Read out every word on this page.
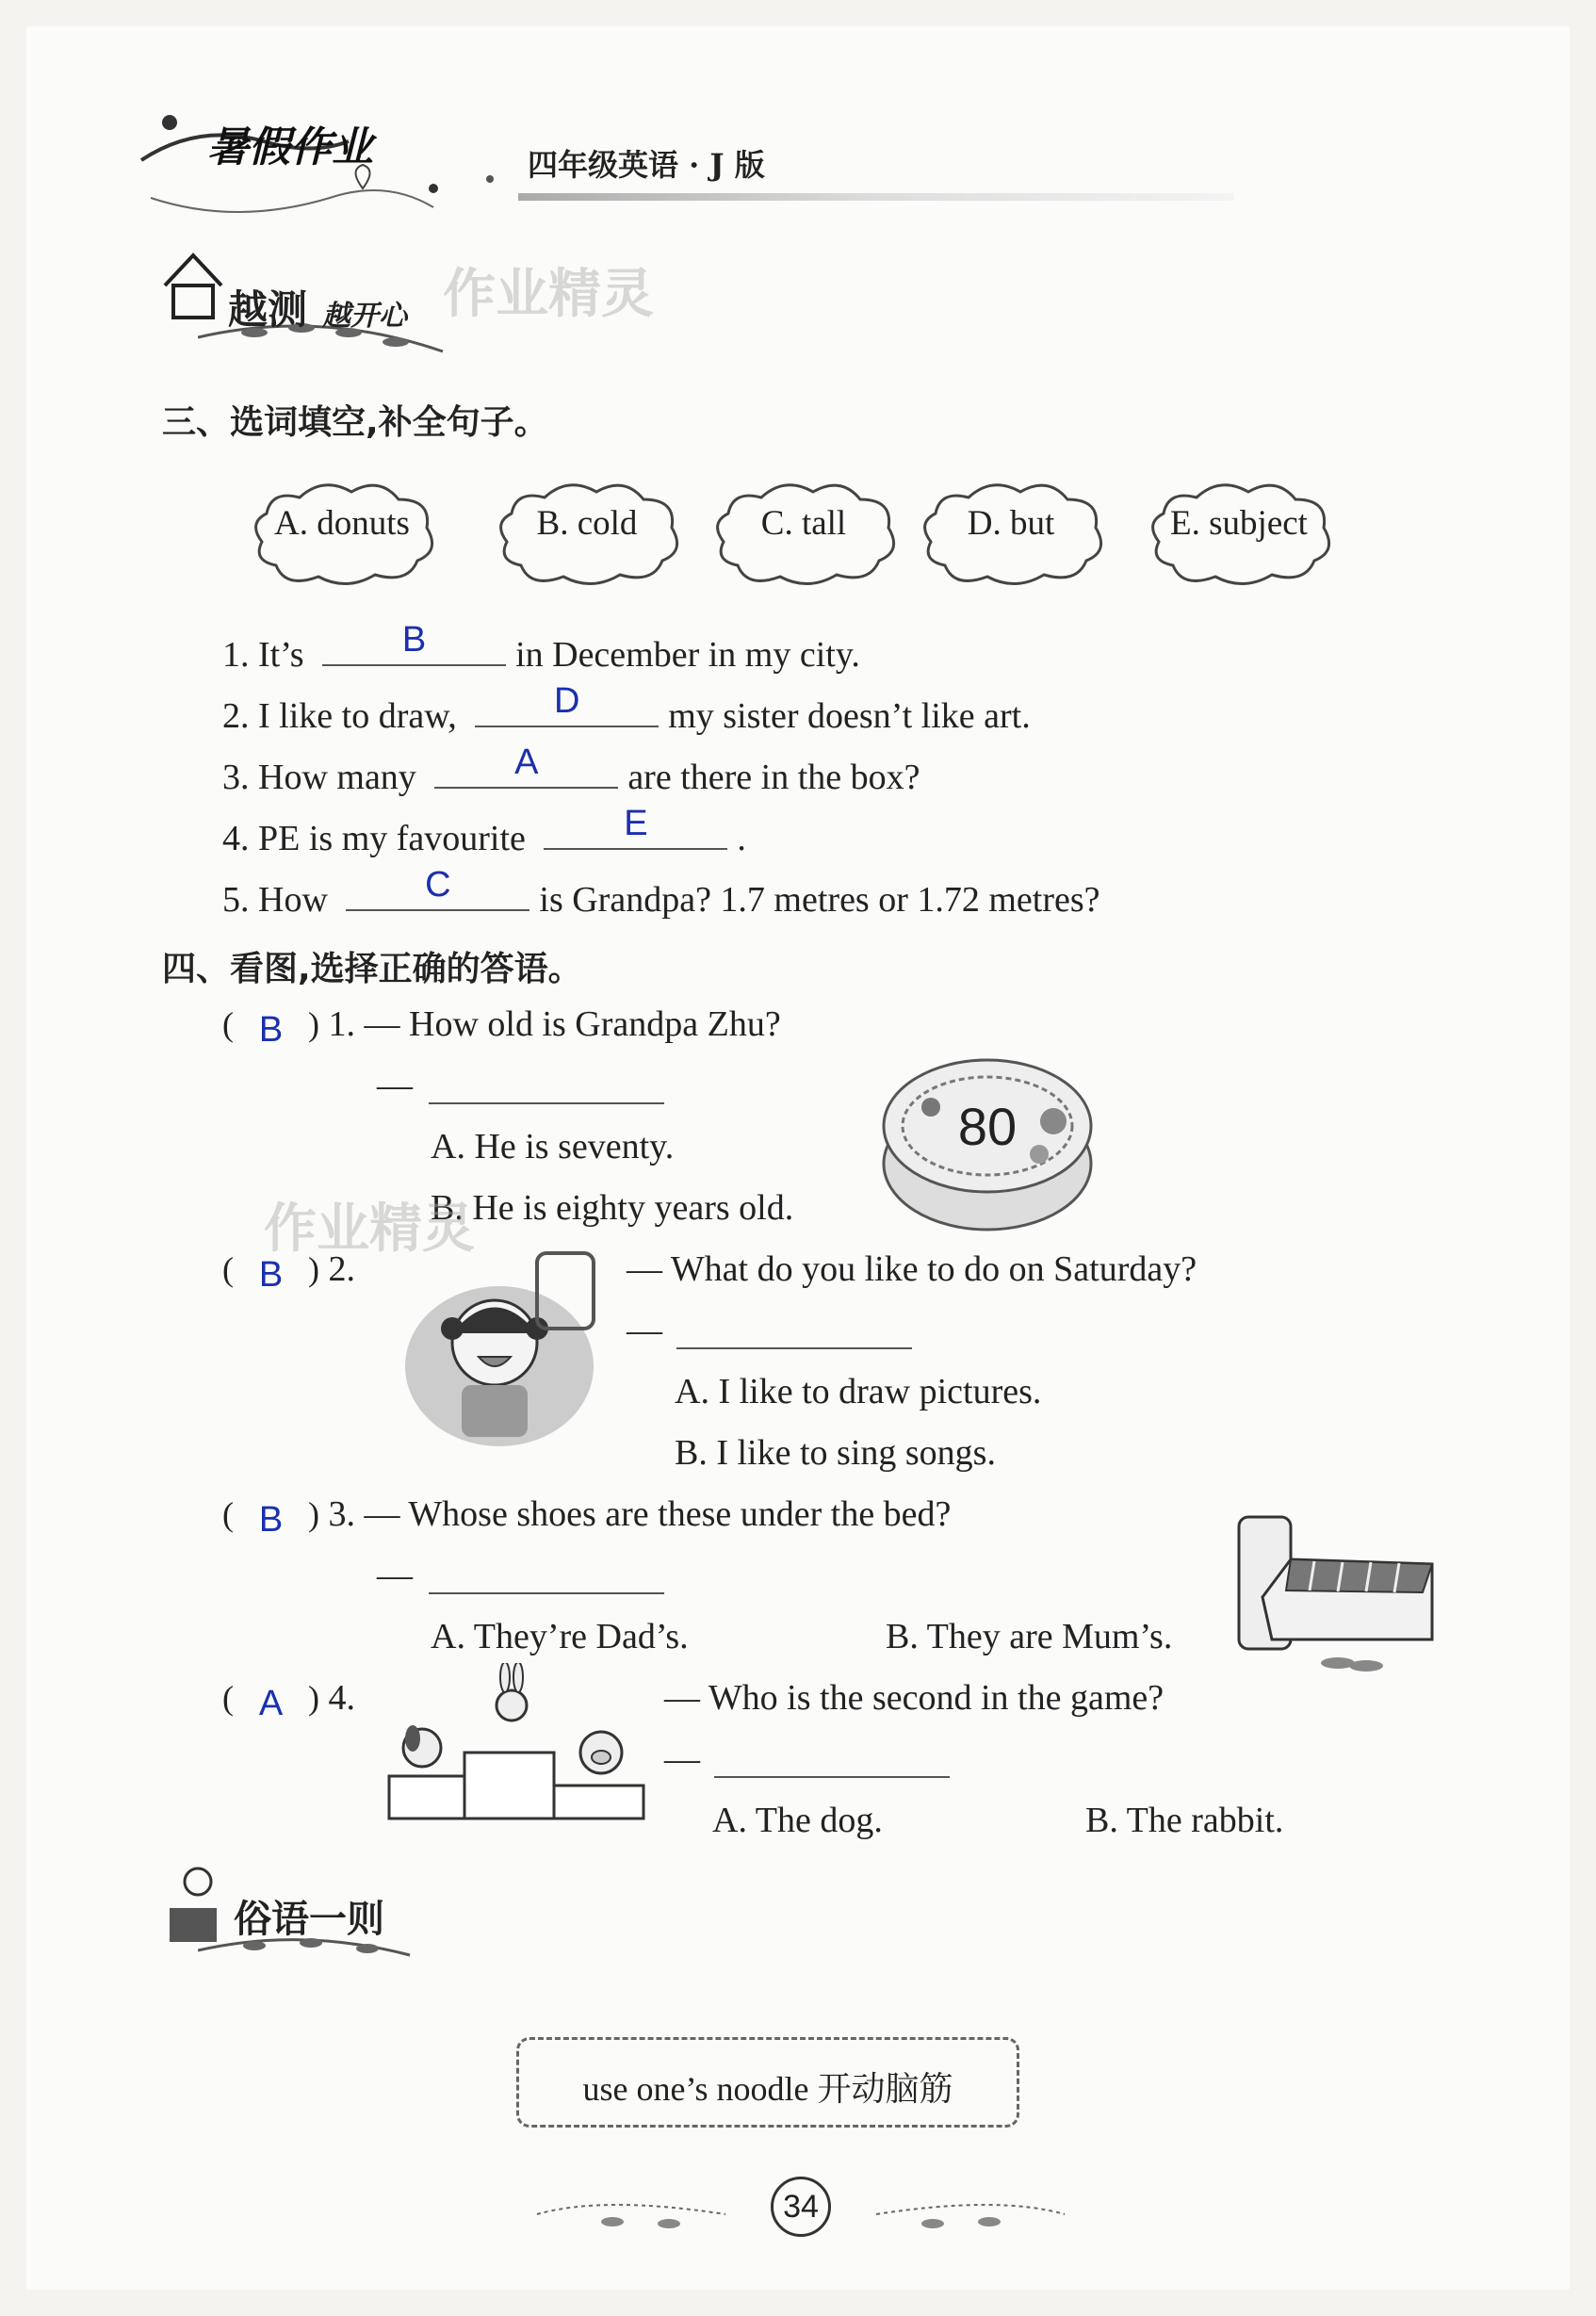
暑假作业	四年级英语 · J 版
越测 越开心 作业精灵
三、选词填空,补全句子。
A. donuts	B. cold	C. tall	D. but	E. subject
1. It’s	B	in December in my city.
2. I like to draw,	D	my sister doesn’t like art.
3. How many	A	are there in the box?
4. PE is my favourite	E	.
5. How	C	is Grandpa? 1.7 metres or 1.72 metres?
四、看图,选择正确的答语。
( B ) 1. — How old is Grandpa Zhu?
—
A. He is seventy.
B. He is eighty years old.
80
作业精灵
( B ) 2.	— What do you like to do on Saturday?
—
A. I like to draw pictures.
B. I like to sing songs.
( B ) 3. — Whose shoes are these under the bed?
—
A. They’re Dad’s.	B. They are Mum’s.
( A ) 4.	— Who is the second in the game?
—
A. The dog.	B. The rabbit.
俗语一则
use one’s noodle 开动脑筋
34
